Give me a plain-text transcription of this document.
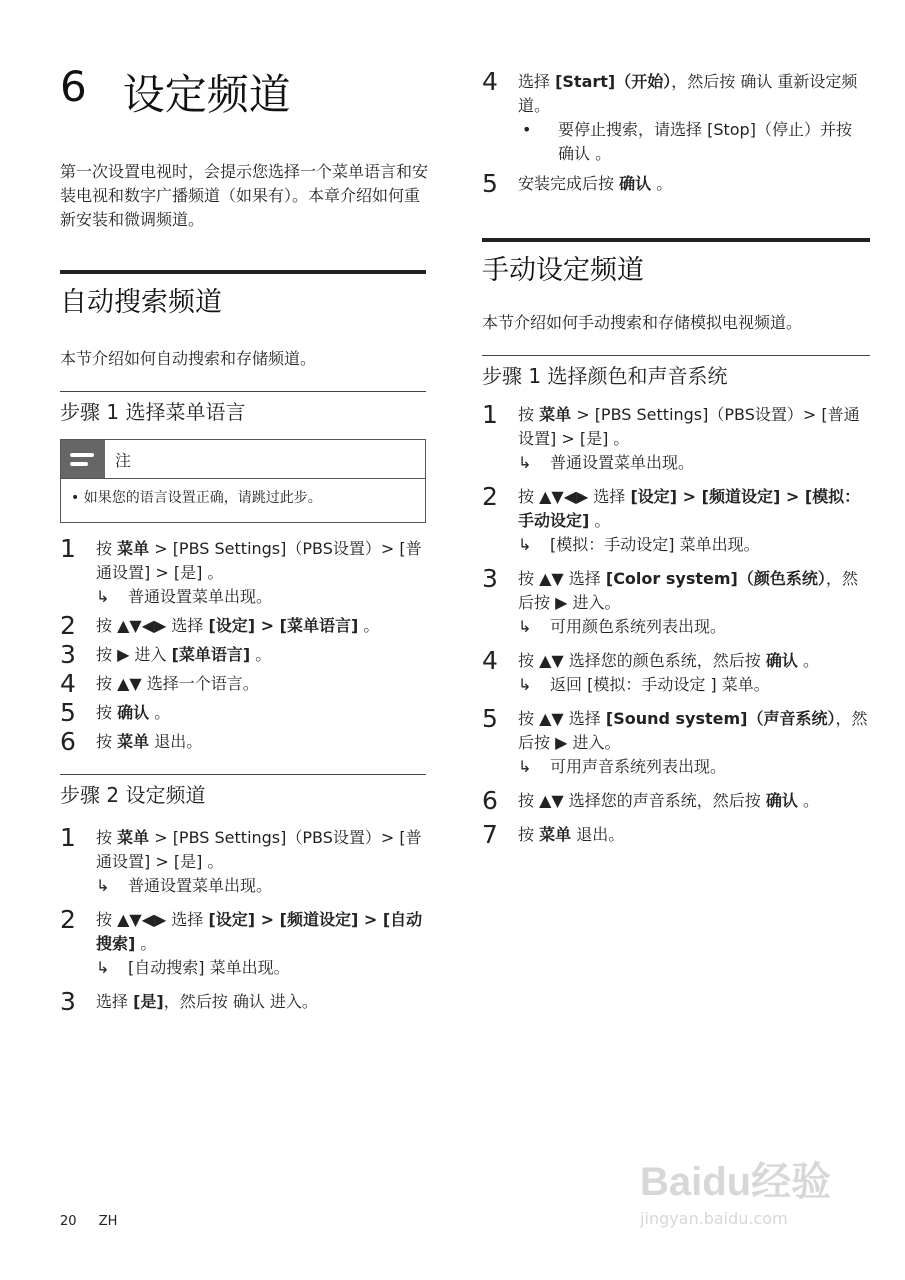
6 设定频道
第一次设置电视时，会提示您选择一个菜单语言和安装电视和数字广播频道（如果有）。本章介绍如何重新安装和微调频道。
自动搜索频道
本节介绍如何自动搜索和存储频道。
步骤 1 选择菜单语言
注
• 如果您的语言设置正确，请跳过此步。
1	按 菜单 > [PBS Settings]（PBS设置）> [普通设置] > [是] 。
↳	普通设置菜单出现。
2	按 ▲▼◀▶ 选择 [设定] > [菜单语言] 。
3	按 ▶ 进入 [菜单语言] 。
4	按 ▲▼ 选择一个语言。
5	按 确认 。
6	按 菜单 退出。
步骤 2 设定频道
1	按 菜单 > [PBS Settings]（PBS设置）> [普通设置] > [是] 。
↳	普通设置菜单出现。
2	按 ▲▼◀▶ 选择 [设定] > [频道设定] > [自动搜索] 。
↳	[自动搜索] 菜单出现。
3	选择 [是]，然后按 确认 进入。
4	选择 [Start]（开始），然后按 确认 重新设定频道。
•	要停止搜索，请选择 [Stop]（停止）并按 确认 。
5	安装完成后按 确认 。
手动设定频道
本节介绍如何手动搜索和存储模拟电视频道。
步骤 1 选择颜色和声音系统
1	按 菜单 > [PBS Settings]（PBS设置）> [普通设置] > [是] 。
↳	普通设置菜单出现。
2	按 ▲▼◀▶ 选择 [设定] > [频道设定] > [模拟：手动设定] 。
↳	[模拟：手动设定] 菜单出现。
3	按 ▲▼ 选择 [Color system]（颜色系统），然后按 ▶ 进入。
↳	可用颜色系统列表出现。
4	按 ▲▼ 选择您的颜色系统，然后按 确认 。
↳	返回 [模拟：手动设定 ] 菜单。
5	按 ▲▼ 选择 [Sound system]（声音系统），然后按 ▶ 进入。
↳	可用声音系统列表出现。
6	按 ▲▼ 选择您的声音系统，然后按 确认 。
7	按 菜单 退出。
20 ZH
Baidu经验
jingyan.baidu.com
